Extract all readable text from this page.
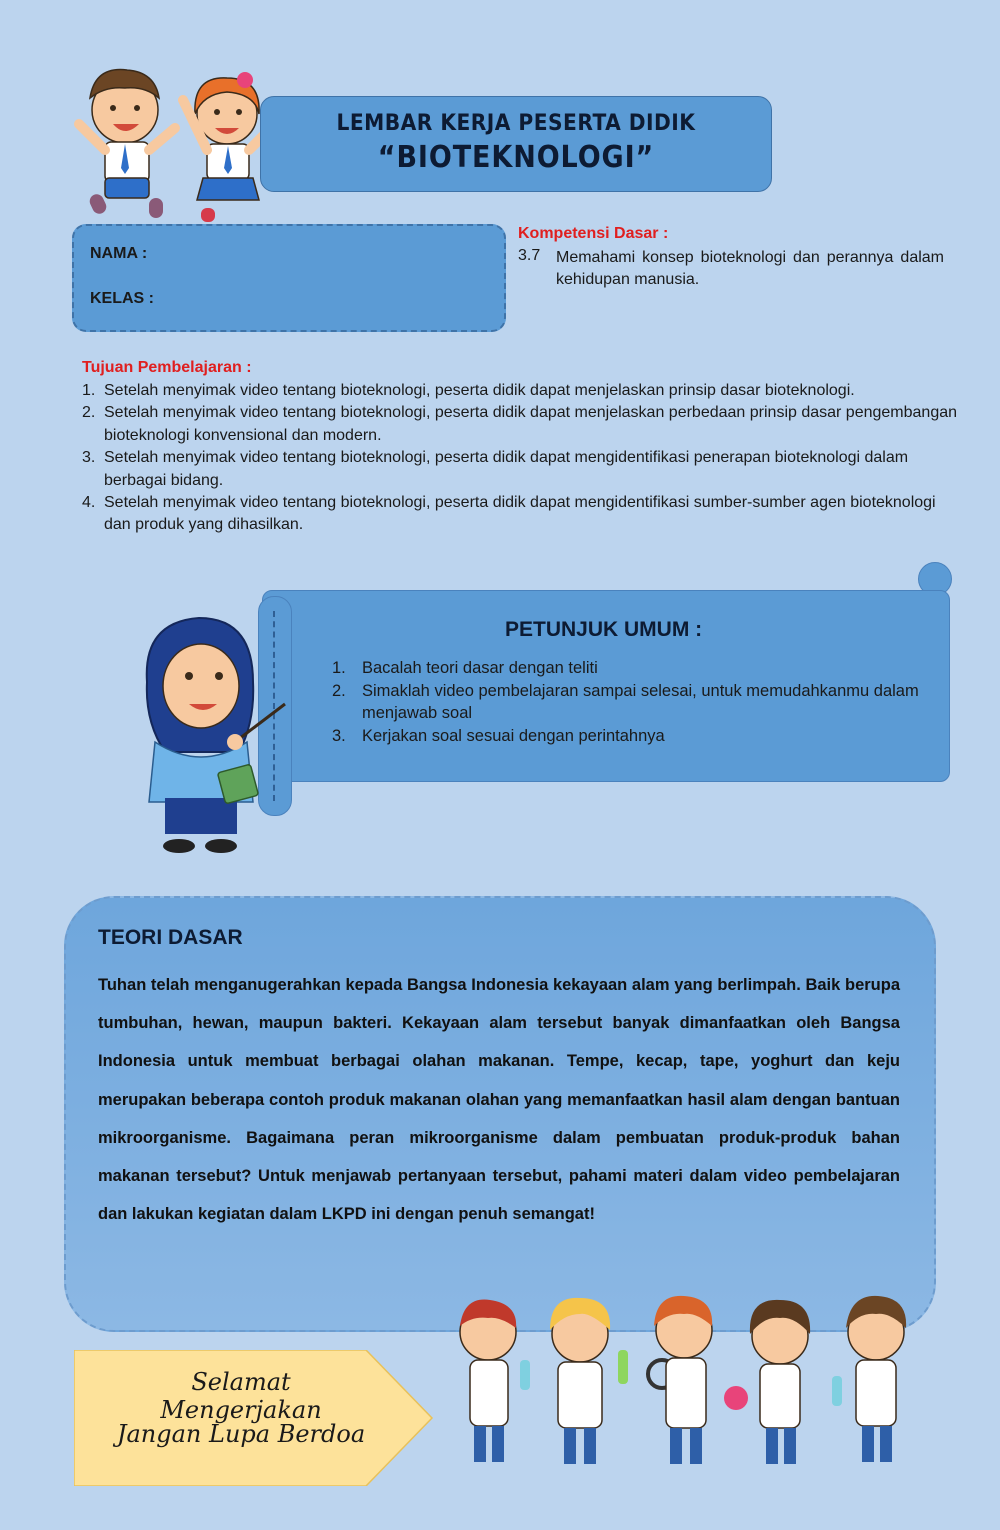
LEMBAR KERJA PESERTA DIDIK
“BIOTEKNOLOGI”
NAMA :
KELAS :
Kompetensi Dasar :
3.7 Memahami konsep bioteknologi dan perannya dalam kehidupan manusia.
Tujuan Pembelajaran :
1. Setelah menyimak video tentang bioteknologi, peserta didik dapat menjelaskan prinsip dasar bioteknologi.
2. Setelah menyimak video tentang bioteknologi, peserta didik dapat menjelaskan perbedaan prinsip dasar pengembangan bioteknologi konvensional dan modern.
3. Setelah menyimak video tentang bioteknologi, peserta didik dapat mengidentifikasi penerapan bioteknologi dalam berbagai bidang.
4. Setelah menyimak video tentang bioteknologi, peserta didik dapat mengidentifikasi sumber-sumber agen bioteknologi dan produk yang dihasilkan.
PETUNJUK UMUM :
1. Bacalah teori dasar dengan teliti
2. Simaklah video pembelajaran sampai selesai, untuk memudahkanmu dalam menjawab soal
3. Kerjakan soal sesuai dengan perintahnya
TEORI DASAR
Tuhan telah menganugerahkan kepada Bangsa Indonesia kekayaan alam yang berlimpah. Baik berupa tumbuhan, hewan, maupun bakteri. Kekayaan alam tersebut banyak dimanfaatkan oleh Bangsa Indonesia untuk membuat berbagai olahan makanan. Tempe, kecap, tape, yoghurt dan keju merupakan beberapa contoh produk makanan olahan yang memanfaatkan hasil alam dengan bantuan mikroorganisme. Bagaimana peran mikroorganisme dalam pembuatan produk-produk bahan makanan tersebut? Untuk menjawab pertanyaan tersebut, pahami materi dalam video pembelajaran dan lakukan kegiatan dalam LKPD ini dengan penuh semangat!
Selamat Mengerjakan
Jangan Lupa Berdoa
